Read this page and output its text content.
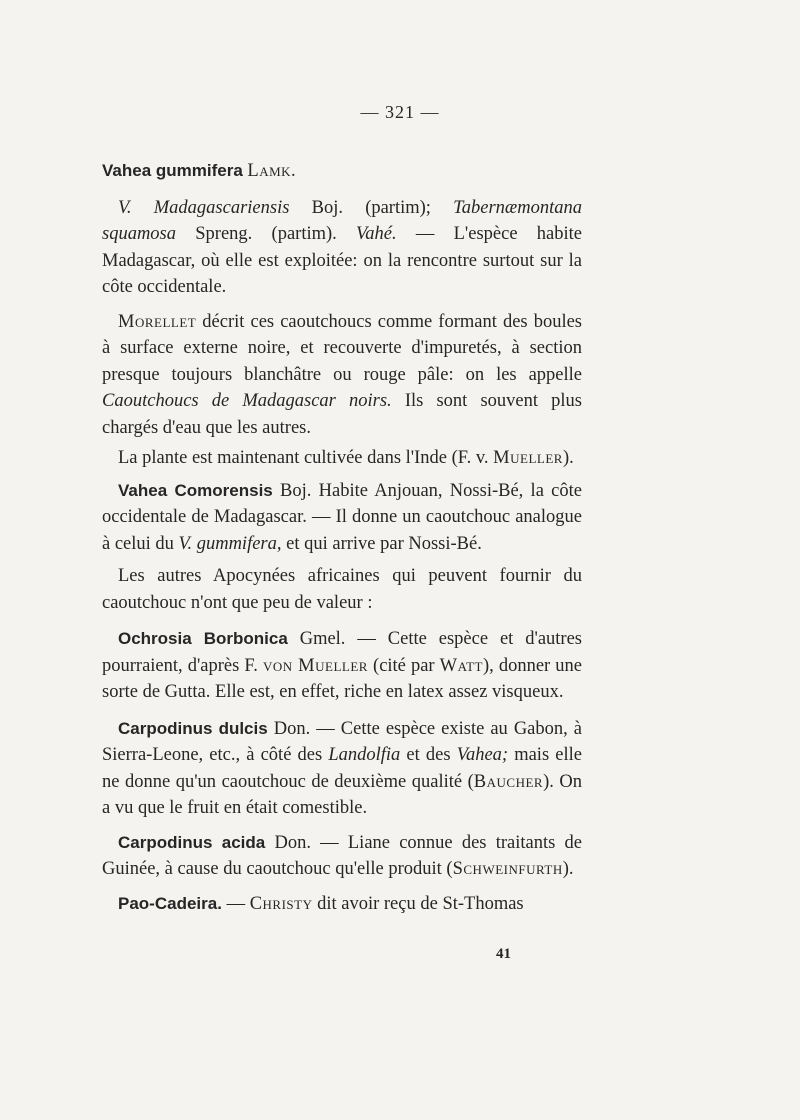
— 321 —

Vahea gummifera Lamk.

V. Madagascariensis Boj. (partim); Tabernæmontana squamosa Spreng. (partim). Vahé. — L'espèce habite Madagascar, où elle est exploitée: on la rencontre surtout sur la côte occidentale.

Morellet décrit ces caoutchoucs comme formant des boules à surface externe noire, et recouverte d'impuretés, à section presque toujours blanchâtre ou rouge pâle: on les appelle Caoutchoucs de Madagascar noirs. Ils sont souvent plus chargés d'eau que les autres.

La plante est maintenant cultivée dans l'Inde (F. v. Mueller).

Vahea Comorensis Boj. Habite Anjouan, Nossi-Bé, la côte occidentale de Madagascar. — Il donne un caoutchouc analogue à celui du V. gummifera, et qui arrive par Nossi-Bé.

Les autres Apocynées africaines qui peuvent fournir du caoutchouc n'ont que peu de valeur :

Ochrosia Borbonica Gmel. — Cette espèce et d'autres pourraient, d'après F. von Mueller (cité par Watt), donner une sorte de Gutta. Elle est, en effet, riche en latex assez visqueux.

Carpodinus dulcis Don. — Cette espèce existe au Gabon, à Sierra-Leone, etc., à côté des Landolfia et des Vahea; mais elle ne donne qu'un caoutchouc de deuxième qualité (Baucher). On a vu que le fruit en était comestible.

Carpodinus acida Don. — Liane connue des traitants de Guinée, à cause du caoutchouc qu'elle produit (Schweinfurth).

Pao-Cadeira. — Christy dit avoir reçu de St-Thomas

41
